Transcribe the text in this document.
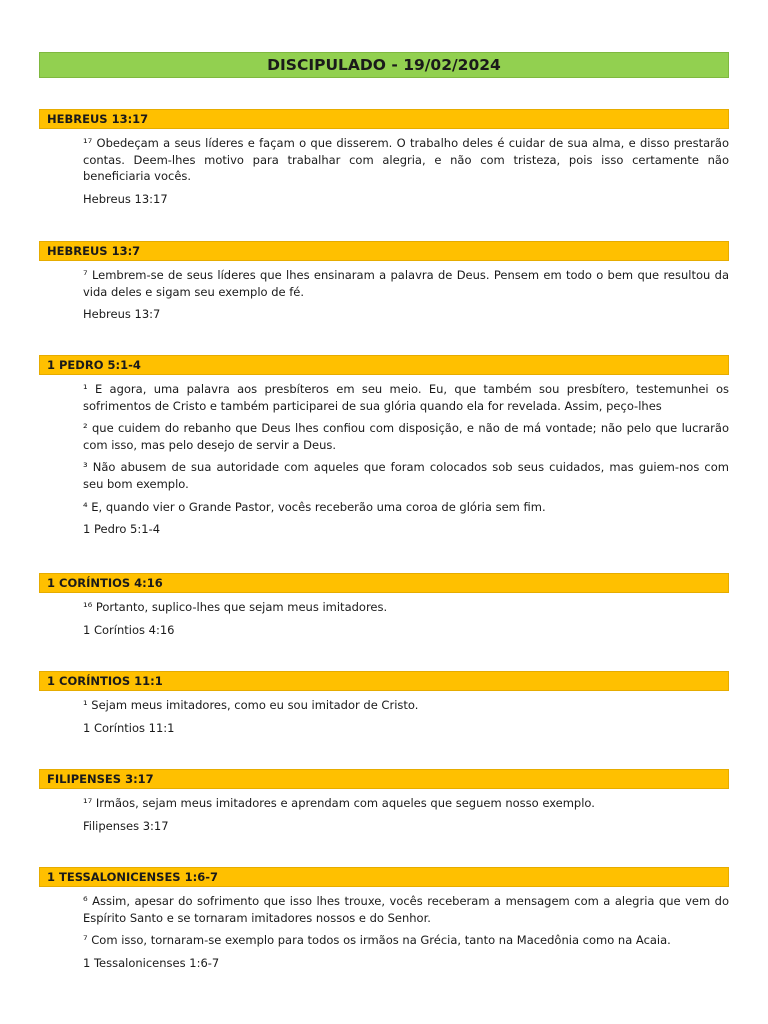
DISCIPULADO - 19/02/2024
HEBREUS 13:17

¹⁷ Obedeçam a seus líderes e façam o que disserem. O trabalho deles é cuidar de sua alma, e disso prestarão contas. Deem-lhes motivo para trabalhar com alegria, e não com tristeza, pois isso certamente não beneficiaria vocês.

Hebreus 13:17

HEBREUS 13:7

⁷ Lembrem-se de seus líderes que lhes ensinaram a palavra de Deus. Pensem em todo o bem que resultou da vida deles e sigam seu exemplo de fé.

Hebreus 13:7

1 PEDRO 5:1-4

¹ E agora, uma palavra aos presbíteros em seu meio. Eu, que também sou presbítero, testemunhei os sofrimentos de Cristo e também participarei de sua glória quando ela for revelada. Assim, peço-lhes

² que cuidem do rebanho que Deus lhes confiou com disposição, e não de má vontade; não pelo que lucrarão com isso, mas pelo desejo de servir a Deus.

³ Não abusem de sua autoridade com aqueles que foram colocados sob seus cuidados, mas guiem-nos com seu bom exemplo.

⁴ E, quando vier o Grande Pastor, vocês receberão uma coroa de glória sem fim.

1 Pedro 5:1-4

1 CORÍNTIOS 4:16

¹⁶ Portanto, suplico-lhes que sejam meus imitadores.

1 Coríntios 4:16

1 CORÍNTIOS 11:1

¹ Sejam meus imitadores, como eu sou imitador de Cristo.

1 Coríntios 11:1

FILIPENSES 3:17

¹⁷ Irmãos, sejam meus imitadores e aprendam com aqueles que seguem nosso exemplo.

Filipenses 3:17

1 TESSALONICENSES 1:6-7

⁶ Assim, apesar do sofrimento que isso lhes trouxe, vocês receberam a mensagem com a alegria que vem do Espírito Santo e se tornaram imitadores nossos e do Senhor.

⁷ Com isso, tornaram-se exemplo para todos os irmãos na Grécia, tanto na Macedônia como na Acaia.

1 Tessalonicenses 1:6-7
